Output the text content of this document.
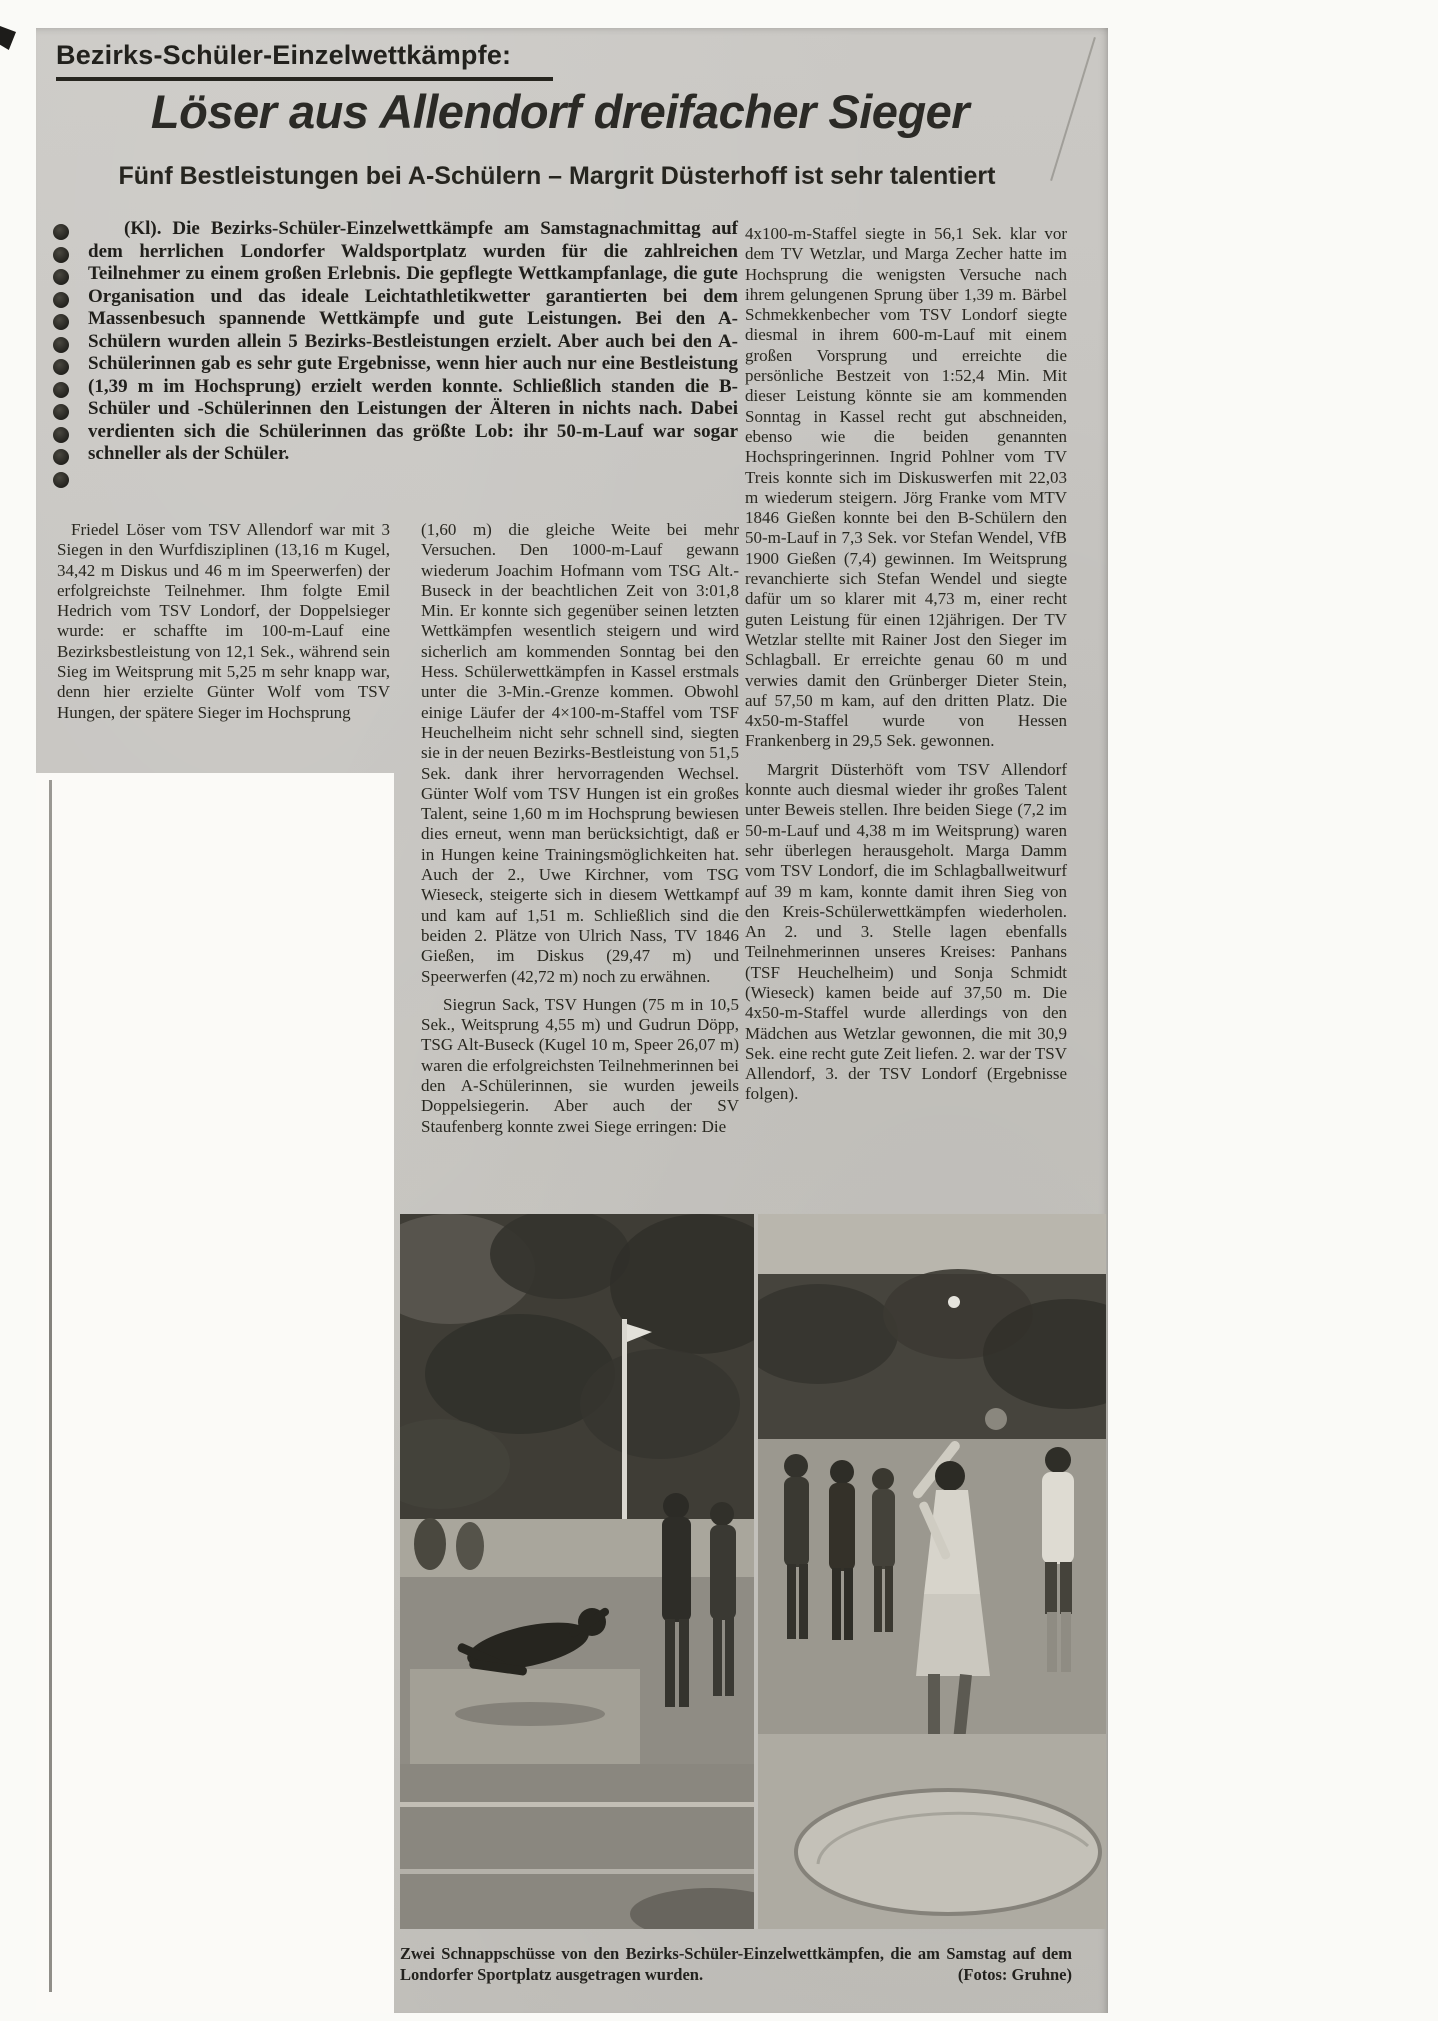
Bezirks-Schüler-Einzelwettkämpfe:
Löser aus Allendorf dreifacher Sieger
Fünf Bestleistungen bei A-Schülern – Margrit Düsterhoff ist sehr talentiert
(Kl). Die Bezirks-Schüler-Einzelwettkämpfe am Samstagnachmittag auf dem herrlichen Londorfer Waldsportplatz wurden für die zahlreichen Teilnehmer zu einem großen Erlebnis. Die gepflegte Wettkampfanlage, die gute Organisation und das ideale Leichtathletikwetter garantierten bei dem Massenbesuch spannende Wettkämpfe und gute Leistungen. Bei den A-Schülern wurden allein 5 Bezirks-Bestleistungen erzielt. Aber auch bei den A-Schülerinnen gab es sehr gute Ergebnisse, wenn hier auch nur eine Bestleistung (1,39 m im Hochsprung) erzielt werden konnte. Schließlich standen die B-Schüler und -Schülerinnen den Leistungen der Älteren in nichts nach. Dabei verdienten sich die Schülerinnen das größte Lob: ihr 50-m-Lauf war sogar schneller als der Schüler.

Friedel Löser vom TSV Allendorf war mit 3 Siegen in den Wurfdisziplinen (13,16 m Kugel, 34,42 m Diskus und 46 m im Speerwerfen) der erfolgreichste Teilnehmer. Ihm folgte Emil Hedrich vom TSV Londorf, der Doppelsieger wurde: er schaffte im 100-m-Lauf eine Bezirksbestleistung von 12,1 Sek., während sein Sieg im Weitsprung mit 5,25 m sehr knapp war, denn hier erzielte Günter Wolf vom TSV Hungen, der spätere Sieger im Hochsprung

(1,60 m) die gleiche Weite bei mehr Versuchen. Den 1000-m-Lauf gewann wiederum Joachim Hofmann vom TSG Alt.-Buseck in der beachtlichen Zeit von 3:01,8 Min. Er konnte sich gegenüber seinen letzten Wettkämpfen wesentlich steigern und wird sicherlich am kommenden Sonntag bei den Hess. Schülerwettkämpfen in Kassel erstmals unter die 3-Min.-Grenze kommen. Obwohl einige Läufer der 4×100-m-Staffel vom TSF Heuchelheim nicht sehr schnell sind, siegten sie in der neuen Bezirks-Bestleistung von 51,5 Sek. dank ihrer hervorragenden Wechsel. Günter Wolf vom TSV Hungen ist ein großes Talent, seine 1,60 m im Hochsprung bewiesen dies erneut, wenn man berücksichtigt, daß er in Hungen keine Trainingsmöglichkeiten hat. Auch der 2., Uwe Kirchner, vom TSG Wieseck, steigerte sich in diesem Wettkampf und kam auf 1,51 m. Schließlich sind die beiden 2. Plätze von Ulrich Nass, TV 1846 Gießen, im Diskus (29,47 m) und Speerwerfen (42,72 m) noch zu erwähnen.

Siegrun Sack, TSV Hungen (75 m in 10,5 Sek., Weitsprung 4,55 m) und Gudrun Döpp, TSG Alt-Buseck (Kugel 10 m, Speer 26,07 m) waren die erfolgreichsten Teilnehmerinnen bei den A-Schülerinnen, sie wurden jeweils Doppelsiegerin. Aber auch der SV Staufenberg konnte zwei Siege erringen: Die

4x100-m-Staffel siegte in 56,1 Sek. klar vor dem TV Wetzlar, und Marga Zecher hatte im Hochsprung die wenigsten Versuche nach ihrem gelungenen Sprung über 1,39 m. Bärbel Schmekkenbecher vom TSV Londorf siegte diesmal in ihrem 600-m-Lauf mit einem großen Vorsprung und erreichte die persönliche Bestzeit von 1:52,4 Min. Mit dieser Leistung könnte sie am kommenden Sonntag in Kassel recht gut abschneiden, ebenso wie die beiden genannten Hochspringerinnen. Ingrid Pohlner vom TV Treis konnte sich im Diskuswerfen mit 22,03 m wiederum steigern. Jörg Franke vom MTV 1846 Gießen konnte bei den B-Schülern den 50-m-Lauf in 7,3 Sek. vor Stefan Wendel, VfB 1900 Gießen (7,4) gewinnen. Im Weitsprung revanchierte sich Stefan Wendel und siegte dafür um so klarer mit 4,73 m, einer recht guten Leistung für einen 12jährigen. Der TV Wetzlar stellte mit Rainer Jost den Sieger im Schlagball. Er erreichte genau 60 m und verwies damit den Grünberger Dieter Stein, auf 57,50 m kam, auf den dritten Platz. Die 4x50-m-Staffel wurde von Hessen Frankenberg in 29,5 Sek. gewonnen.

Margrit Düsterhöft vom TSV Allendorf konnte auch diesmal wieder ihr großes Talent unter Beweis stellen. Ihre beiden Siege (7,2 im 50-m-Lauf und 4,38 m im Weitsprung) waren sehr überlegen herausgeholt. Marga Damm vom TSV Londorf, die im Schlagballweitwurf auf 39 m kam, konnte damit ihren Sieg von den Kreis-Schülerwettkämpfen wiederholen. An 2. und 3. Stelle lagen ebenfalls Teilnehmerinnen unseres Kreises: Panhans (TSF Heuchelheim) und Sonja Schmidt (Wieseck) kamen beide auf 37,50 m. Die 4x50-m-Staffel wurde allerdings von den Mädchen aus Wetzlar gewonnen, die mit 30,9 Sek. eine recht gute Zeit liefen. 2. war der TSV Allendorf, 3. der TSV Londorf (Ergebnisse folgen).

Zwei Schnappschüsse von den Bezirks-Schüler-Einzelwettkämpfen, die am Samstag auf dem Londorfer Sportplatz ausgetragen wurden.	(Fotos: Gruhne)
